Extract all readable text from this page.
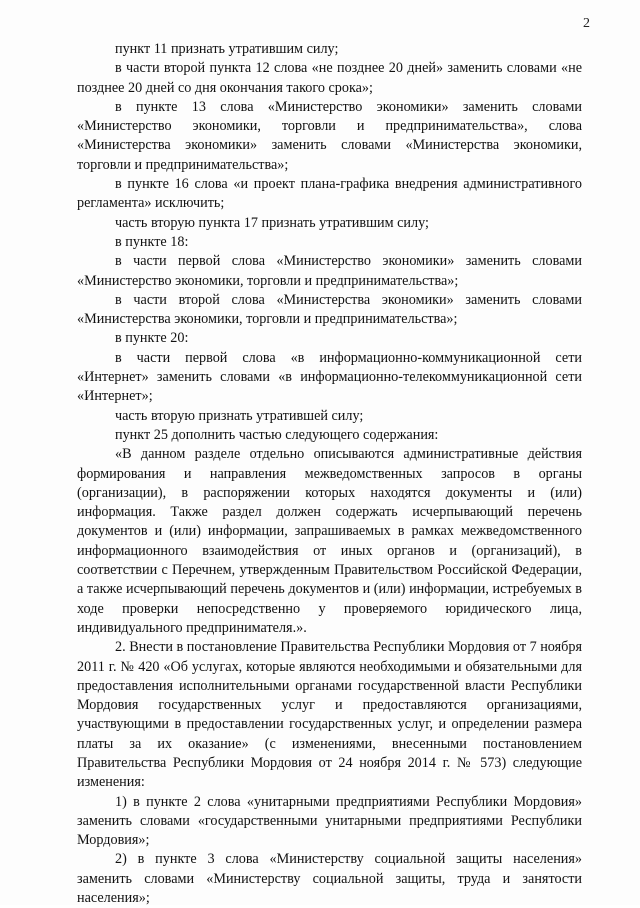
2

пункт 11 признать утратившим силу;

в части второй пункта 12 слова «не позднее 20 дней» заменить словами «не позднее 20 дней со дня окончания такого срока»;

в пункте 13 слова «Министерство экономики» заменить словами «Министерство экономики, торговли и предпринимательства», слова «Министерства экономики» заменить словами «Министерства экономики, торговли и предпринимательства»;

в пункте 16 слова «и проект плана-графика внедрения административного регламента» исключить;

часть вторую пункта 17 признать утратившим силу;

в пункте 18:

в части первой слова «Министерство экономики» заменить словами «Министерство экономики, торговли и предпринимательства»;

в части второй слова «Министерства экономики» заменить словами «Министерства экономики, торговли и предпринимательства»;

в пункте 20:

в части первой слова «в информационно-коммуникационной сети «Интернет» заменить словами «в информационно-телекоммуникационной сети «Интернет»;

часть вторую признать утратившей силу;

пункт 25 дополнить частью следующего содержания:

«В данном разделе отдельно описываются административные действия формирования и направления межведомственных запросов в органы (организации), в распоряжении которых находятся документы и (или) информация. Также раздел должен содержать исчерпывающий перечень документов и (или) информации, запрашиваемых в рамках межведомственного информационного взаимодействия от иных органов и (организаций), в соответствии с Перечнем, утвержденным Правительством Российской Федерации, а также исчерпывающий перечень документов и (или) информации, истребуемых в ходе проверки непосредственно у проверяемого юридического лица, индивидуального предпринимателя.».

2. Внести в постановление Правительства Республики Мордовия от 7 ноября 2011 г. № 420 «Об услугах, которые являются необходимыми и обязательными для предоставления исполнительными органами государственной власти Республики Мордовия государственных услуг и предоставляются организациями, участвующими в предоставлении государственных услуг, и определении размера платы за их оказание» (с изменениями, внесенными постановлением Правительства Республики Мордовия от 24 ноября 2014 г. № 573) следующие изменения:

1) в пункте 2 слова «унитарными предприятиями Республики Мордовия» заменить словами «государственными унитарными предприятиями Республики Мордовия»;

2) в пункте 3 слова «Министерству социальной защиты населения» заменить словами «Министерству социальной защиты, труда и занятости населения»;
